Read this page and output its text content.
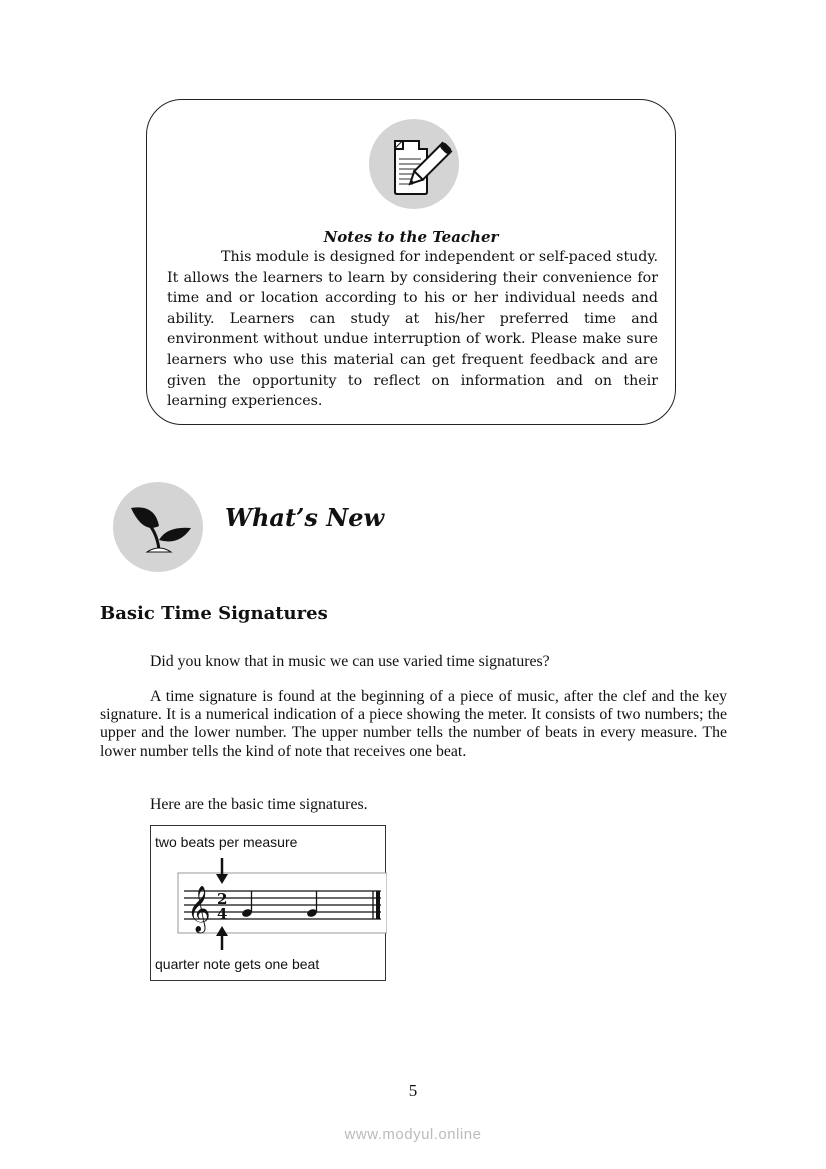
Notes to the Teacher

This module is designed for independent or self-paced study. It allows the learners to learn by considering their convenience for time and or location according to his or her individual needs and ability. Learners can study at his/her preferred time and environment without undue interruption of work. Please make sure learners who use this material can get frequent feedback and are given the opportunity to reflect on information and on their learning experiences.

What’s New
Basic Time Signatures
Did you know that in music we can use varied time signatures?
A time signature is found at the beginning of a piece of music, after the clef and the key signature. It is a numerical indication of a piece showing the meter. It consists of two numbers; the upper and the lower number. The upper number tells the number of beats in every measure. The lower number tells the kind of note that receives one beat.
Here are the basic time signatures.
two beats per measure
𝄞 2
4
quarter note gets one beat
5
www.modyul.online
